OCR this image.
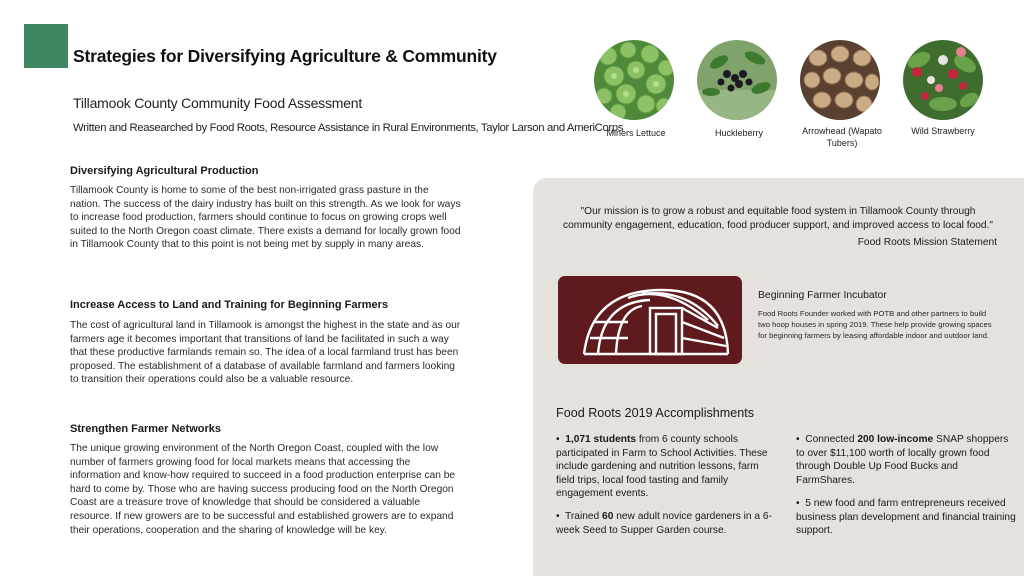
Strategies for Diversifying Agriculture & Community
Tillamook County Community Food Assessment
Written and Reasearched by Food Roots, Resource Assistance in Rural Environments, Taylor Larson and AmeriCorps
Diversifying Agricultural Production

Tillamook County is home to some of the best non-irrigated grass pasture in the nation. The success of the dairy industry has built on this strength. As we look for ways to increase food production, farmers should continue to focus on growing crops well suited to the North Oregon coast climate. There exists a demand for locally grown food in Tillamook County that to this point is not being met by supply in many areas.

Increase Access to Land and Training for Beginning Farmers

The cost of agricultural land in Tillamook is amongst the highest in the state and as our farmers age it becomes important that transitions of land be facilitated in such a way that these productive farmlands remain so. The idea of a local farmland trust has been proposed. The establishment of a database of available farmland and farmers looking to transition their operations could also be a valuable resource.

Strengthen Farmer Networks

The unique growing environment of the North Oregon Coast, coupled with the low number of farmers growing food for local markets means that accessing the information and know-how required to succeed in a food production enterprise can be hard to come by. Those who are having success producing food on the North Oregon Coast are a treasure trove of knowledge that should be considered a valuable resource. If new growers are to be successful and established growers are to expand their operations, cooperation and the sharing of knowledge will be key.

Miners Lettuce	Huckleberry	Arrowhead (Wapato Tubers)
Wild Strawberry
"Our mission is to grow a robust and equitable food system in Tillamook County through community engagement, education, food producer support, and improved access to local food."
Food Roots Mission Statement
Beginning Farmer Incubator
Food Roots Founder worked with POTB and other partners to build two hoop houses in spring 2019. These help provide growing spaces for beginning farmers by leasing affordable indoor and outdoor land.
Food Roots 2019 Accomplishments

•  1,071 students from 6 county schools participated in Farm to School Activities. These include gardening and nutrition lessons, farm field trips, local food tasting and family engagement events.

•  Trained 60 new adult novice gardeners in a 6-week Seed to Supper Garden course.

•  Connected 200 low-income SNAP shoppers to over $11,100 worth of locally grown food through Double Up Food Bucks and FarmShares.

•  5 new food and farm entrepreneurs received business plan development and financial training support.
